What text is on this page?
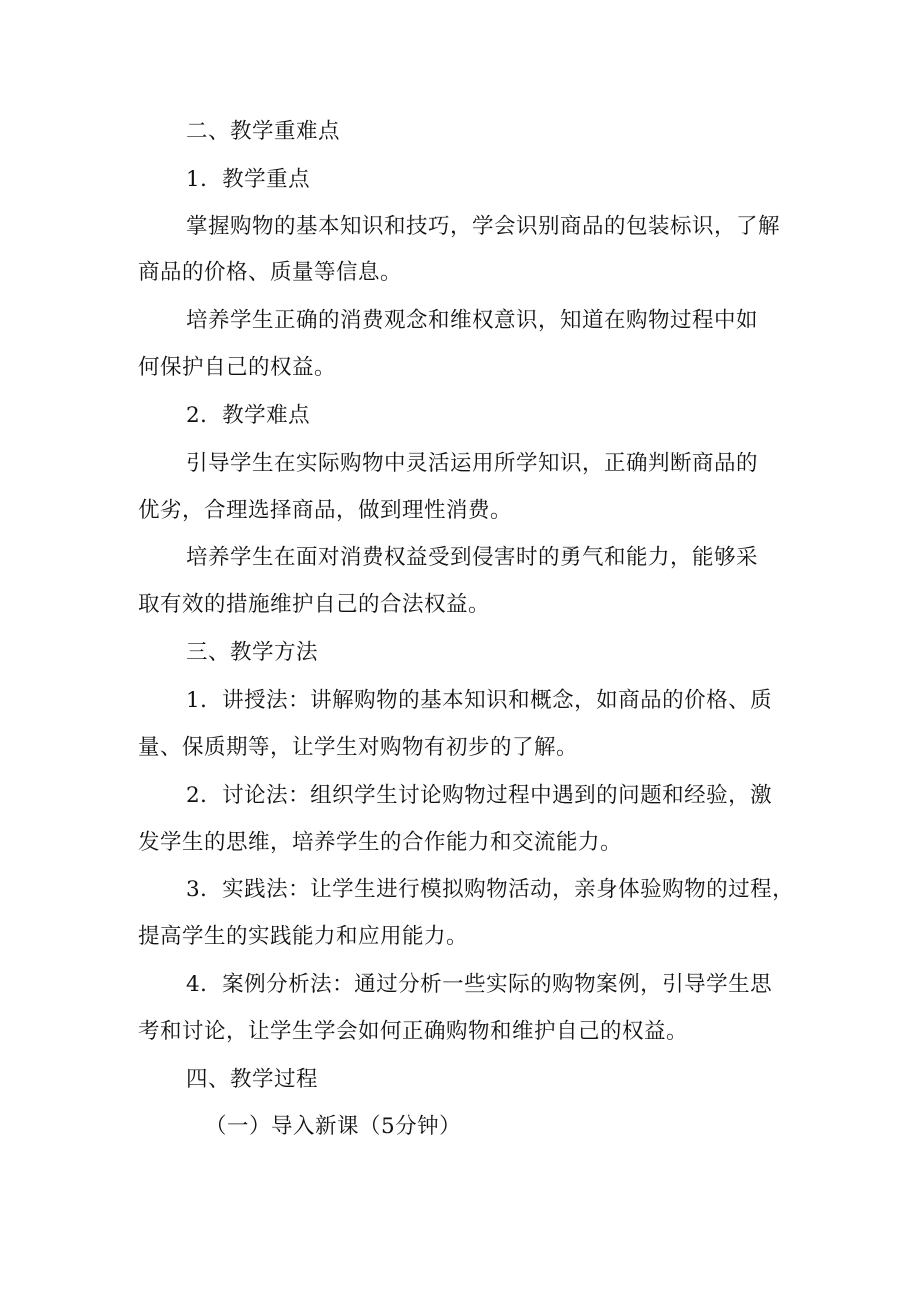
二、教学重难点
1．教学重点
掌握购物的基本知识和技巧，学会识别商品的包装标识，了解
商品的价格、质量等信息。
培养学生正确的消费观念和维权意识，知道在购物过程中如
何保护自己的权益。
2．教学难点
引导学生在实际购物中灵活运用所学知识，正确判断商品的
优劣，合理选择商品，做到理性消费。
培养学生在面对消费权益受到侵害时的勇气和能力，能够采
取有效的措施维护自己的合法权益。
三、教学方法
1．讲授法：讲解购物的基本知识和概念，如商品的价格、质
量、保质期等，让学生对购物有初步的了解。
2．讨论法：组织学生讨论购物过程中遇到的问题和经验，激
发学生的思维，培养学生的合作能力和交流能力。
3．实践法：让学生进行模拟购物活动，亲身体验购物的过程，
提高学生的实践能力和应用能力。
4．案例分析法：通过分析一些实际的购物案例，引导学生思
考和讨论，让学生学会如何正确购物和维护自己的权益。
四、教学过程
（一）导入新课（5分钟）
